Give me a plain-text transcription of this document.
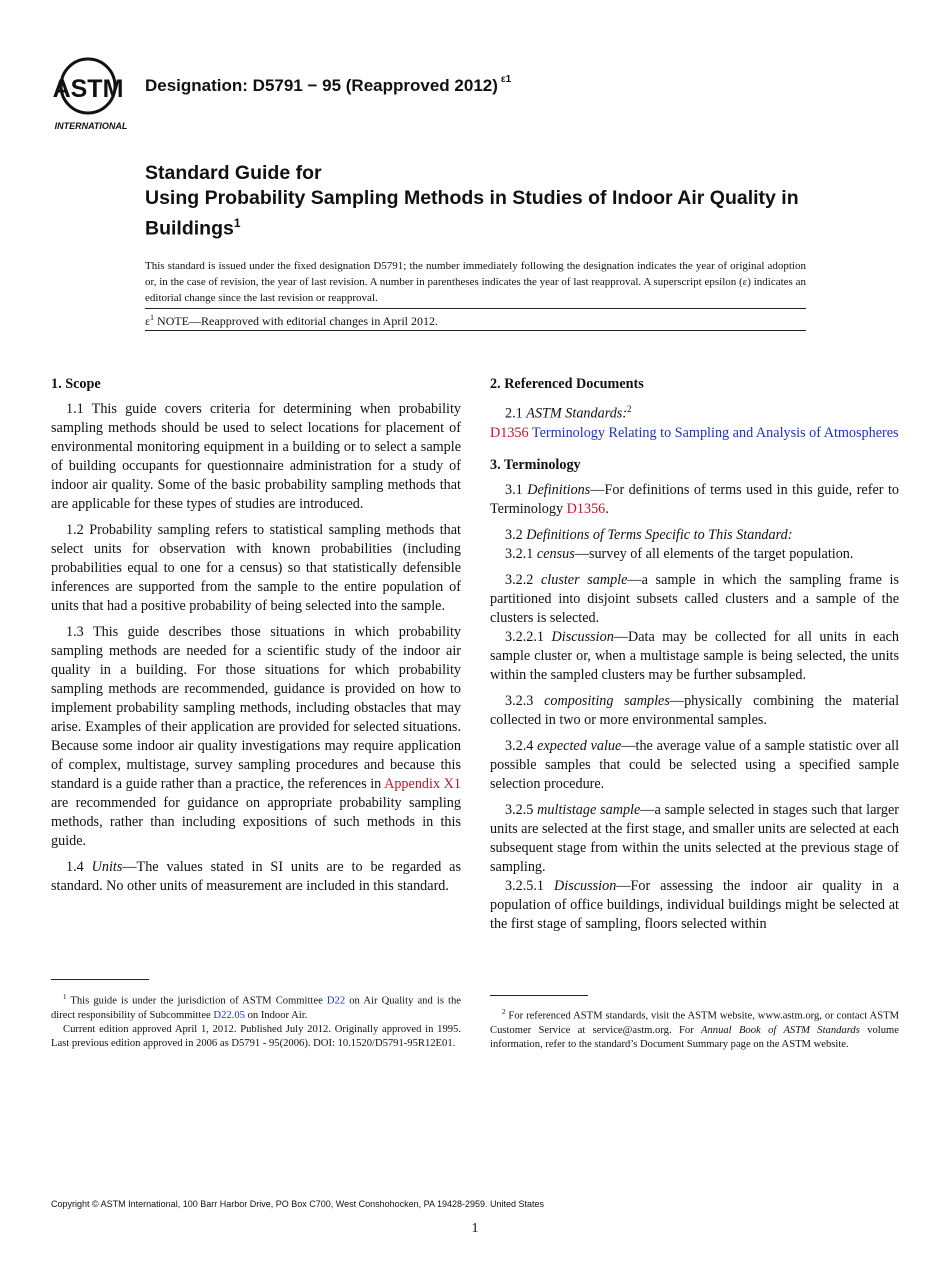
ASTM
INTERNATIONAL
Designation: D5791 − 95 (Reapproved 2012) $^{\varepsilon 1}$
Standard Guide for
Using Probability Sampling Methods in Studies of Indoor Air Quality in Buildings$^1$
This standard is issued under the fixed designation D5791; the number immediately following the designation indicates the year of original adoption or, in the case of revision, the year of last revision. A number in parentheses indicates the year of last reapproval. A superscript epsilon (ε) indicates an editorial change since the last revision or reapproval.
$\varepsilon^1$ NOTE—Reapproved with editorial changes in April 2012.
1. Scope

1.1 This guide covers criteria for determining when probability sampling methods should be used to select locations for placement of environmental monitoring equipment in a building or to select a sample of building occupants for questionnaire administration for a study of indoor air quality. Some of the basic probability sampling methods that are applicable for these types of studies are introduced.

1.2 Probability sampling refers to statistical sampling methods that select units for observation with known probabilities (including probabilities equal to one for a census) so that statistically defensible inferences are supported from the sample to the entire population of units that had a positive probability of being selected into the sample.

1.3 This guide describes those situations in which probability sampling methods are needed for a scientific study of the indoor air quality in a building. For those situations for which probability sampling methods are recommended, guidance is provided on how to implement probability sampling methods, including obstacles that may arise. Examples of their application are provided for selected situations. Because some indoor air quality investigations may require application of complex, multistage, survey sampling procedures and because this standard is a guide rather than a practice, the references in Appendix X1 are recommended for guidance on appropriate probability sampling methods, rather than including expositions of such methods in this guide.

1.4 Units—The values stated in SI units are to be regarded as standard. No other units of measurement are included in this standard.

$^1$ This guide is under the jurisdiction of ASTM Committee D22 on Air Quality and is the direct responsibility of Subcommittee D22.05 on Indoor Air.

Current edition approved April 1, 2012. Published July 2012. Originally approved in 1995. Last previous edition approved in 2006 as D5791 - 95(2006). DOI: 10.1520/D5791-95R12E01.

2. Referenced Documents

2.1 ASTM Standards:$^2$

D1356 Terminology Relating to Sampling and Analysis of Atmospheres

3. Terminology

3.1 Definitions—For definitions of terms used in this guide, refer to Terminology D1356.

3.2 Definitions of Terms Specific to This Standard:

3.2.1 census—survey of all elements of the target population.

3.2.2 cluster sample—a sample in which the sampling frame is partitioned into disjoint subsets called clusters and a sample of the clusters is selected.

3.2.2.1 Discussion—Data may be collected for all units in each sample cluster or, when a multistage sample is being selected, the units within the sampled clusters may be further subsampled.

3.2.3 compositing samples—physically combining the material collected in two or more environmental samples.

3.2.4 expected value—the average value of a sample statistic over all possible samples that could be selected using a specified sample selection procedure.

3.2.5 multistage sample—a sample selected in stages such that larger units are selected at the first stage, and smaller units are selected at each subsequent stage from within the units selected at the previous stage of sampling.

3.2.5.1 Discussion—For assessing the indoor air quality in a population of office buildings, individual buildings might be selected at the first stage of sampling, floors selected within

$^2$ For referenced ASTM standards, visit the ASTM website, www.astm.org, or contact ASTM Customer Service at service@astm.org. For Annual Book of ASTM Standards volume information, refer to the standard’s Document Summary page on the ASTM website.

Copyright © ASTM International, 100 Barr Harbor Drive, PO Box C700, West Conshohocken, PA 19428-2959. United States
1
